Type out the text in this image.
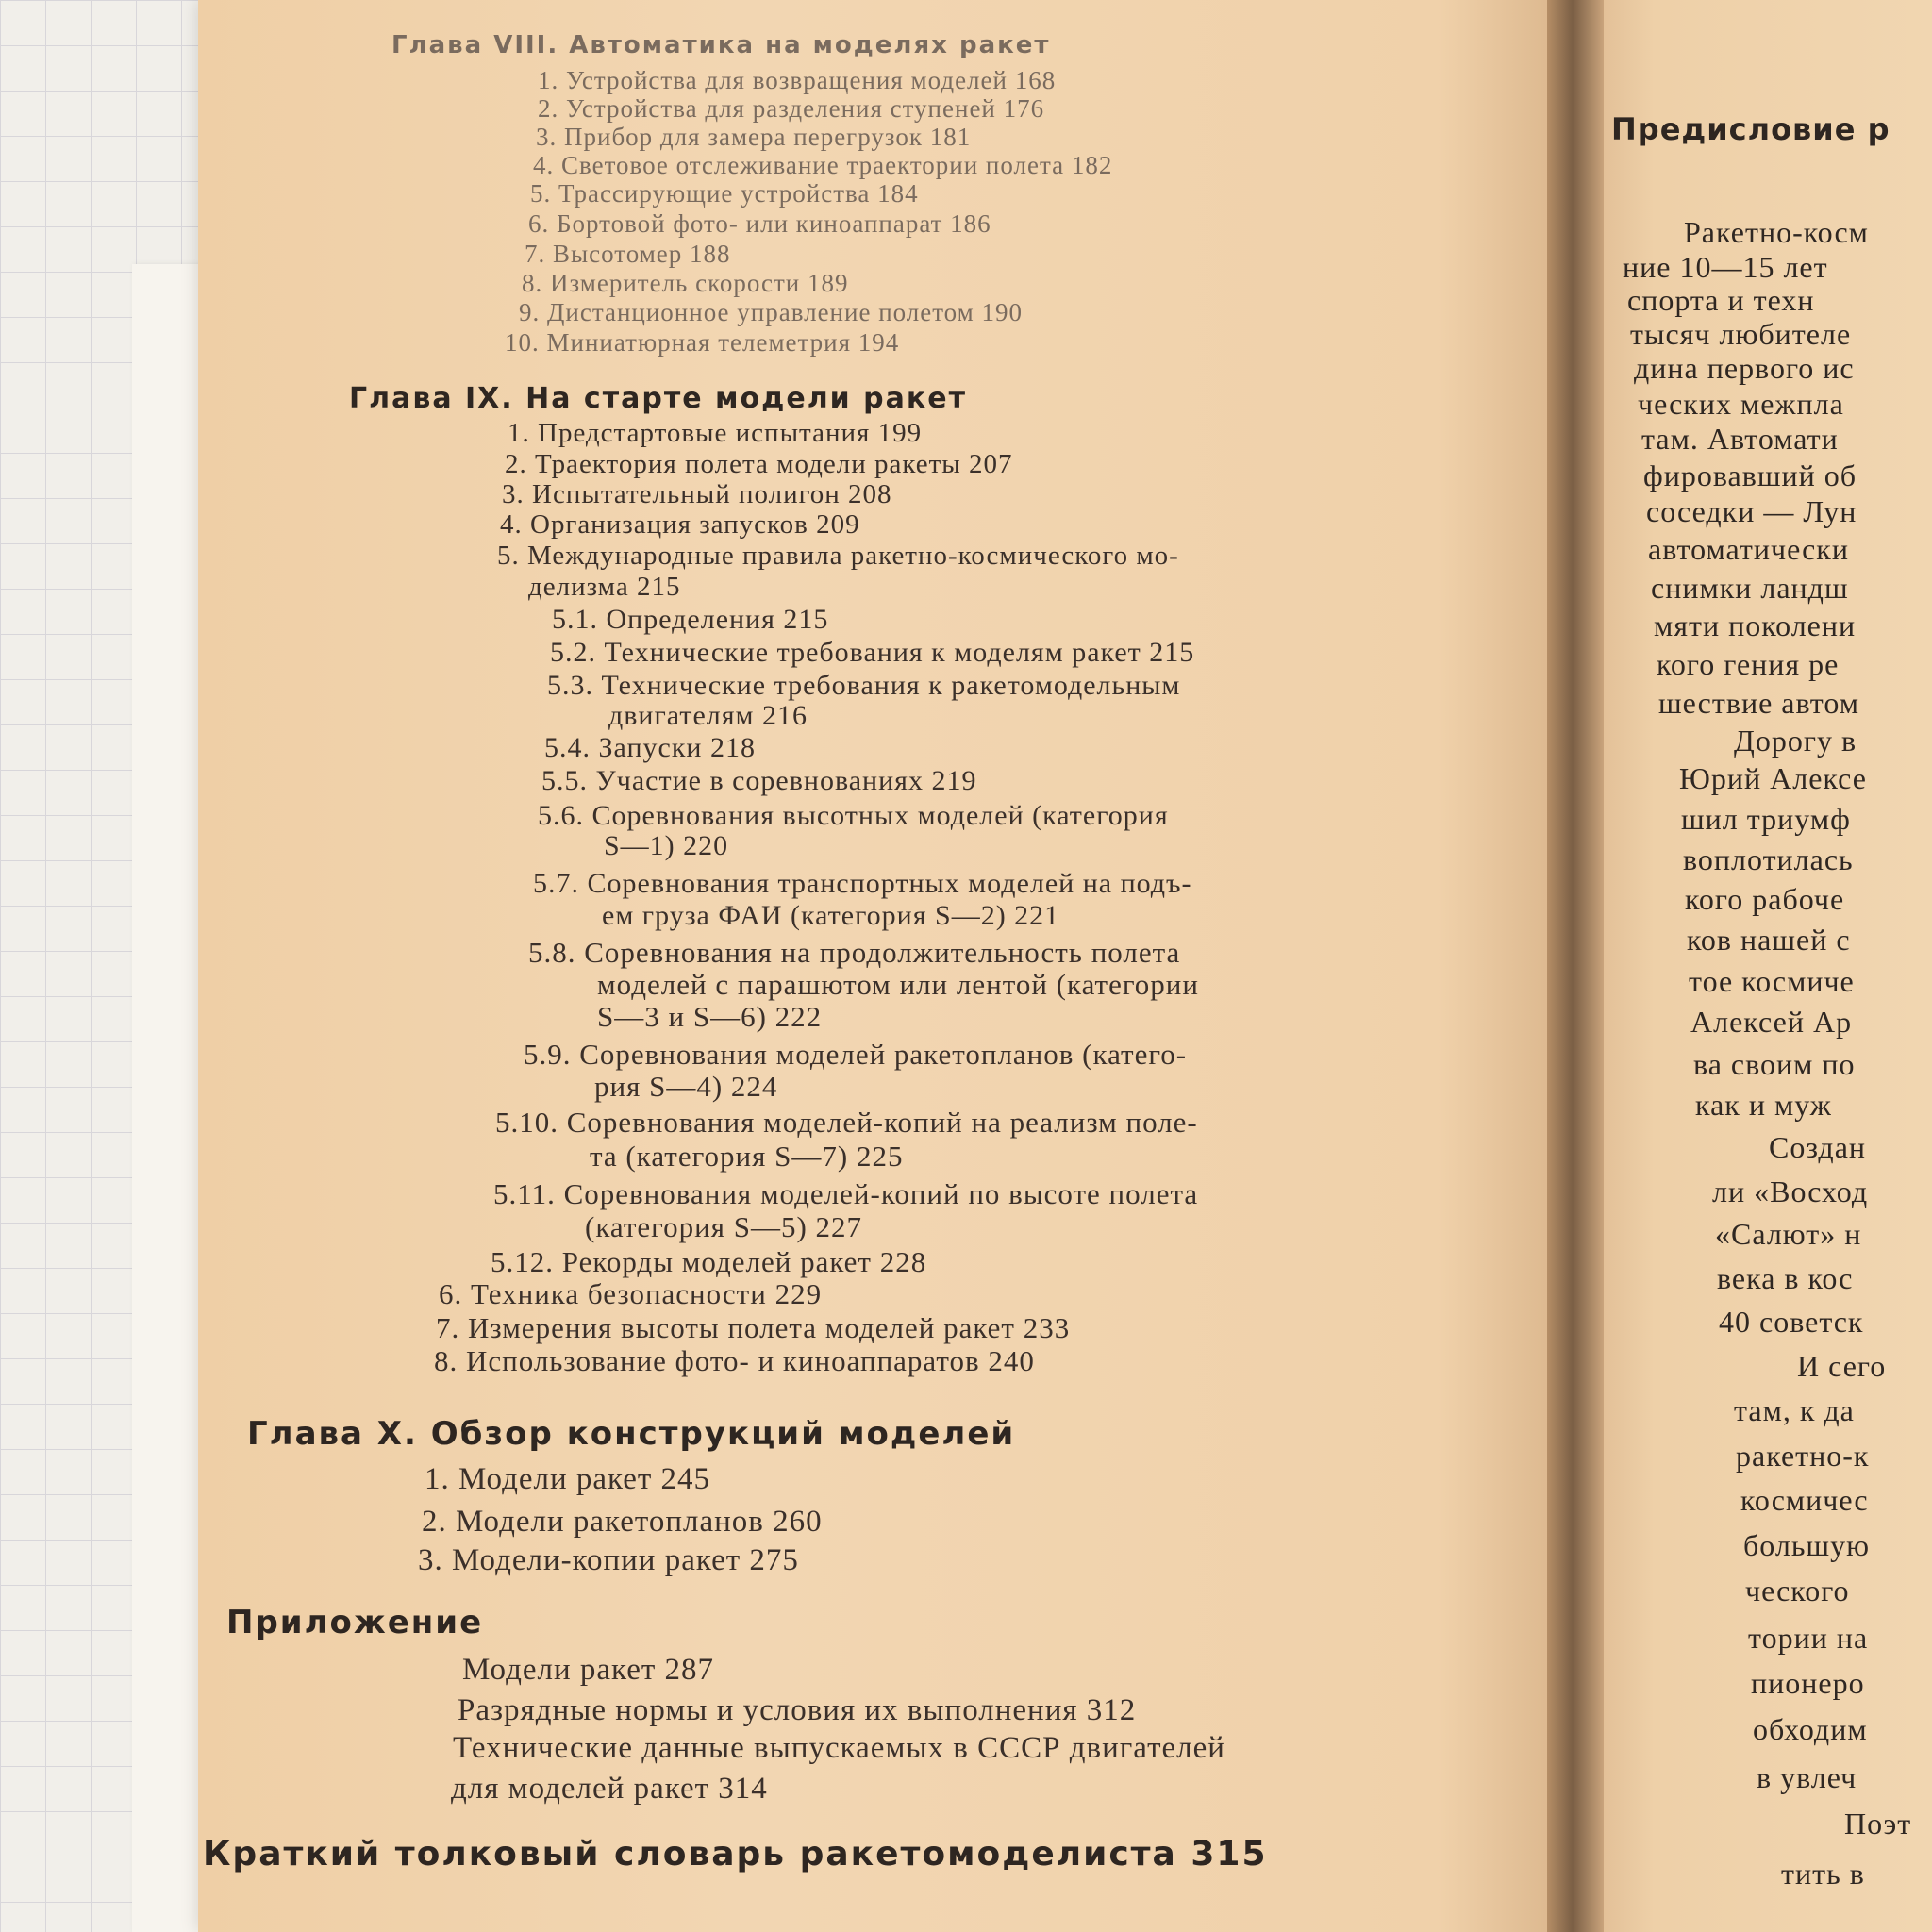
Глава VIII. Автоматика на моделях ракет
1. Устройства для возвращения моделей 168
2. Устройства для разделения ступеней 176
3. Прибор для замера перегрузок 181
4. Световое отслеживание траектории полета 182
5. Трассирующие устройства 184
6. Бортовой фото- или киноаппарат 186
7. Высотомер 188
8. Измеритель скорости 189
9. Дистанционное управление полетом 190
10. Миниатюрная телеметрия 194
Глава IX. На старте модели ракет
1. Предстартовые испытания 199
2. Траектория полета модели ракеты 207
3. Испытательный полигон 208
4. Организация запусков 209
5. Международные правила ракетно-космического мо-
делизма 215
5.1. Определения 215
5.2. Технические требования к моделям ракет 215
5.3. Технические требования к ракетомодельным
двигателям 216
5.4. Запуски 218
5.5. Участие в соревнованиях 219
5.6. Соревнования высотных моделей (категория
S—1) 220
5.7. Соревнования транспортных моделей на подъ-
ем груза ФАИ (категория S—2) 221
5.8. Соревнования на продолжительность полета
моделей с парашютом или лентой (категории
S—3 и S—6) 222
5.9. Соревнования моделей ракетопланов (катего-
рия S—4) 224
5.10. Соревнования моделей-копий на реализм поле-
та (категория S—7) 225
5.11. Соревнования моделей-копий по высоте полета
(категория S—5) 227
5.12. Рекорды моделей ракет 228
6. Техника безопасности 229
7. Измерения высоты полета моделей ракет 233
8. Использование фото- и киноаппаратов 240
Глава X. Обзор конструкций моделей
1. Модели ракет 245
2. Модели ракетопланов 260
3. Модели-копии ракет 275
Приложение
Модели ракет 287
Разрядные нормы и условия их выполнения 312
Технические данные выпускаемых в СССР двигателей
для моделей ракет 314
Краткий толковый словарь ракетомоделиста 315
Предисловие р
Ракетно-косм
ние 10—15 лет
спорта и техн
тысяч любителе
дина первого ис
ческих межпла
там. Автомати
фировавший об
соседки — Лун
автоматически
снимки ландш
мяти поколени
кого гения ре
шествие автом
Дорогу в
Юрий Алексе
шил триумф
воплотилась
кого рабоче
ков нашей с
тое космиче
Алексей Ар
ва своим по
как и муж
Создан
ли «Восход
«Салют» н
века в кос
40 советск
И сего
там, к да
ракетно-к
космичес
большую
ческого
тории на
пионеро
обходим
в увлеч
Поэт
тить в
